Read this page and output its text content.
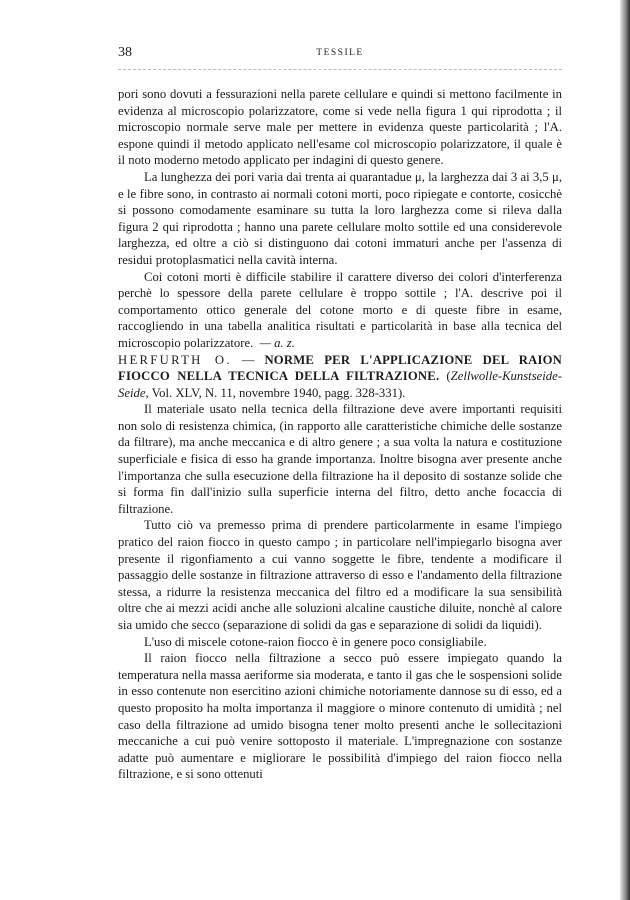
38	TESSILE

pori sono dovuti a fessurazioni nella parete cellulare e quindi si mettono facilmente in evidenza al microscopio polarizzatore, come si vede nella figura 1 qui riprodotta ; il microscopio normale serve male per mettere in evidenza queste particolarità ; l'A. espone quindi il metodo applicato nell'esame col microscopio polarizzatore, il quale è il noto moderno metodo applicato per indagini di questo genere.

La lunghezza dei pori varia dai trenta ai quarantadue μ, la larghezza dai 3 ai 3,5 μ, e le fibre sono, in contrasto ai normali cotoni morti, poco ripiegate e contorte, cosicchè si possono comodamente esaminare su tutta la loro larghezza come si rileva dalla figura 2 qui riprodotta ; hanno una parete cellulare molto sottile ed una considerevole larghezza, ed oltre a ciò si distinguono dai cotoni immaturi anche per l'assenza di residui protoplasmatici nella cavità interna.

Coi cotoni morti è difficile stabilire il carattere diverso dei colori d'interferenza perchè lo spessore della parete cellulare è troppo sottile ; l'A. descrive poi il comportamento ottico generale del cotone morto e di queste fibre in esame, raccogliendo in una tabella analitica risultati e particolarità in base alla tecnica del microscopio polarizzatore. — a. z.

HERFURTH O. — NORME PER L'APPLICAZIONE DEL RAION FIOCCO NELLA TECNICA DELLA FILTRAZIONE. (Zellwolle-Kunstseide-Seide, Vol. XLV, N. 11, novembre 1940, pagg. 328-331).

Il materiale usato nella tecnica della filtrazione deve avere importanti requisiti non solo di resistenza chimica, (in rapporto alle caratteristiche chimiche delle sostanze da filtrare), ma anche meccanica e di altro genere ; a sua volta la natura e costituzione superficiale e fisica di esso ha grande importanza. Inoltre bisogna aver presente anche l'importanza che sulla esecuzione della filtrazione ha il deposito di sostanze solide che si forma fin dall'inizio sulla superficie interna del filtro, detto anche focaccia di filtrazione.

Tutto ciò va premesso prima di prendere particolarmente in esame l'impiego pratico del raion fiocco in questo campo ; in particolare nell'impiegarlo bisogna aver presente il rigonfiamento a cui vanno soggette le fibre, tendente a modificare il passaggio delle sostanze in filtrazione attraverso di esso e l'andamento della filtrazione stessa, a ridurre la resistenza meccanica del filtro ed a modificare la sua sensibilità oltre che ai mezzi acidi anche alle soluzioni alcaline caustiche diluite, nonchè al calore sia umido che secco (separazione di solidi da gas e separazione di solidi da liquidi).

L'uso di miscele cotone-raion fiocco è in genere poco consigliabile.

Il raion fiocco nella filtrazione a secco può essere impiegato quando la temperatura nella massa aeriforme sia moderata, e tanto il gas che le sospensioni solide in esso contenute non esercitino azioni chimiche notoriamente dannose su di esso, ed a questo proposito ha molta importanza il maggiore o minore contenuto di umidità ; nel caso della filtrazione ad umido bisogna tener molto presenti anche le sollecitazioni meccaniche a cui può venire sottoposto il materiale. L'impregnazione con sostanze adatte può aumentare e migliorare le possibilità d'impiego del raion fiocco nella filtrazione, e si sono ottenuti
